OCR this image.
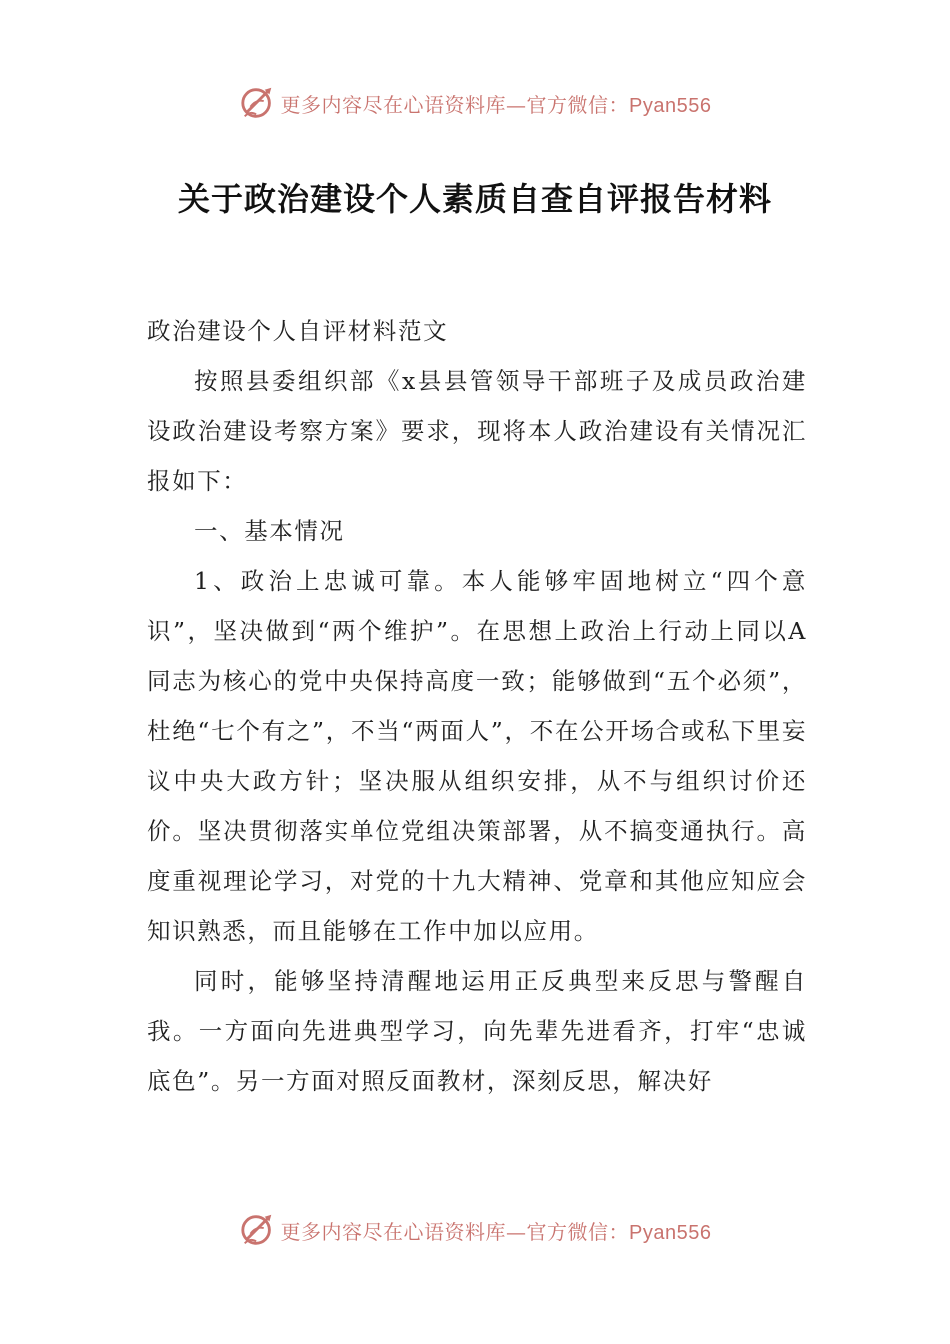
更多内容尽在心语资料库—官方微信：Pyan556
关于政治建设个人素质自查自评报告材料

政治建设个人自评材料范文

按照县委组织部《x县县管领导干部班子及成员政治建设政治建设考察方案》要求，现将本人政治建设有关情况汇报如下：

一、基本情况

1、政治上忠诚可靠。本人能够牢固地树立“四个意识”，坚决做到“两个维护”。在思想上政治上行动上同以A同志为核心的党中央保持高度一致；能够做到“五个必须”，杜绝“七个有之”，不当“两面人”，不在公开场合或私下里妄议中央大政方针；坚决服从组织安排，从不与组织讨价还价。坚决贯彻落实单位党组决策部署，从不搞变通执行。高度重视理论学习，对党的十九大精神、党章和其他应知应会知识熟悉，而且能够在工作中加以应用。

同时，能够坚持清醒地运用正反典型来反思与警醒自我。一方面向先进典型学习，向先辈先进看齐，打牢“忠诚底色”。另一方面对照反面教材，深刻反思，解决好

更多内容尽在心语资料库—官方微信：Pyan556
